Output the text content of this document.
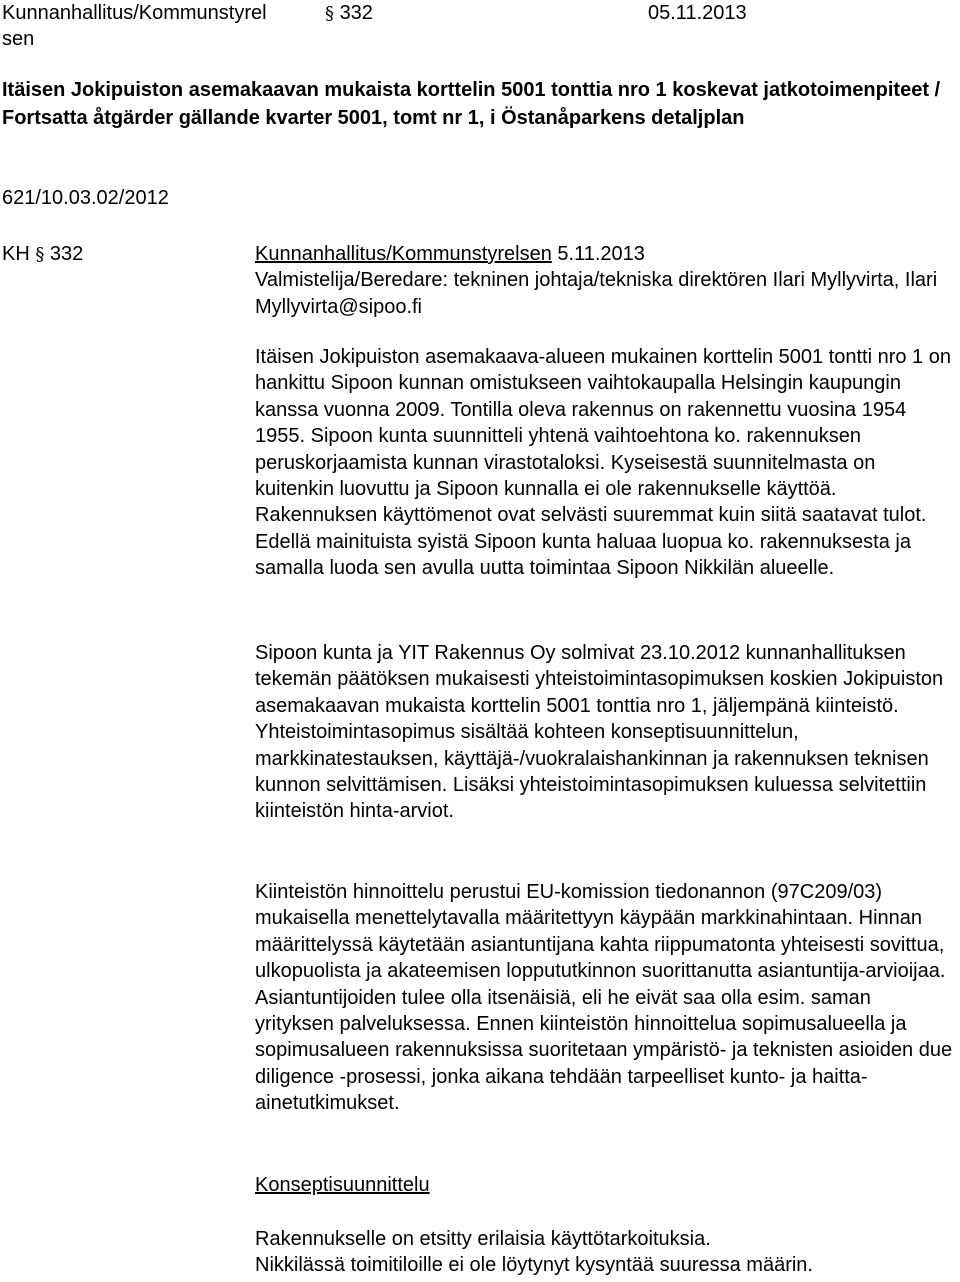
Kunnanhallitus/Kommunstyrel
sen
§ 332	05.11.2013
Itäisen Jokipuiston asemakaavan mukaista korttelin 5001 tonttia nro 1 koskevat jatkotoimenpiteet / Fortsatta åtgärder gällande kvarter 5001, tomt nr 1, i Östanåparkens detaljplan
621/10.03.02/2012
KH § 332	Kunnanhallitus/Kommunstyrelsen 5.11.2013

Valmistelija/Beredare: tekninen johtaja/tekniska direktören Ilari Myllyvirta, Ilari Myllyvirta@sipoo.fi

Itäisen Jokipuiston asemakaava-alueen mukainen korttelin 5001 tontti nro 1 on hankittu Sipoon kunnan omistukseen vaihtokaupalla Helsingin kaupungin kanssa vuonna 2009. Tontilla oleva rakennus on rakennettu vuosina 1954 1955. Sipoon kunta suunnitteli yhtenä vaihtoehtona ko. rakennuksen peruskorjaamista kunnan virastotaloksi. Kyseisestä suunnitelmasta on kuitenkin luovuttu ja Sipoon kunnalla ei ole rakennukselle käyttöä. Rakennuksen käyttömenot ovat selvästi suuremmat kuin siitä saatavat tulot. Edellä mainituista syistä Sipoon kunta haluaa luopua ko. rakennuksesta ja samalla luoda sen avulla uutta toimintaa Sipoon Nikkilän alueelle.

Sipoon kunta ja YIT Rakennus Oy solmivat 23.10.2012 kunnanhallituksen tekemän päätöksen mukaisesti yhteistoimintasopimuksen koskien Jokipuiston asemakaavan mukaista korttelin 5001 tonttia nro 1, jäljempänä kiinteistö. Yhteistoimintasopimus sisältää kohteen konseptisuunnittelun, markkinatestauksen, käyttäjä-/vuokralaishankinnan ja rakennuksen teknisen kunnon selvittämisen. Lisäksi yhteistoimintasopimuksen kuluessa selvitettiin kiinteistön hinta-arviot.

Kiinteistön hinnoittelu perustui EU-komission tiedonannon (97C209/03) mukaisella menettelytavalla määritettyyn käypään markkinahintaan. Hinnan määrittelyssä käytetään asiantuntijana kahta riippumatonta yhteisesti sovittua, ulkopuolista ja akateemisen loppututkinnon suorittanutta asiantuntija-arvioijaa. Asiantuntijoiden tulee olla itsenäisiä, eli he eivät saa olla esim. saman yrityksen palveluksessa. Ennen kiinteistön hinnoittelua sopimusalueella ja sopimusalueen rakennuksissa suoritetaan ympäristö- ja teknisten asioiden due diligence -prosessi, jonka aikana tehdään tarpeelliset kunto- ja haitta-ainetutkimukset.

Konseptisuunnittelu

Rakennukselle on etsitty erilaisia käyttötarkoituksia.

Nikkilässä toimitiloille ei ole löytynyt kysyntää suuressa määrin.
